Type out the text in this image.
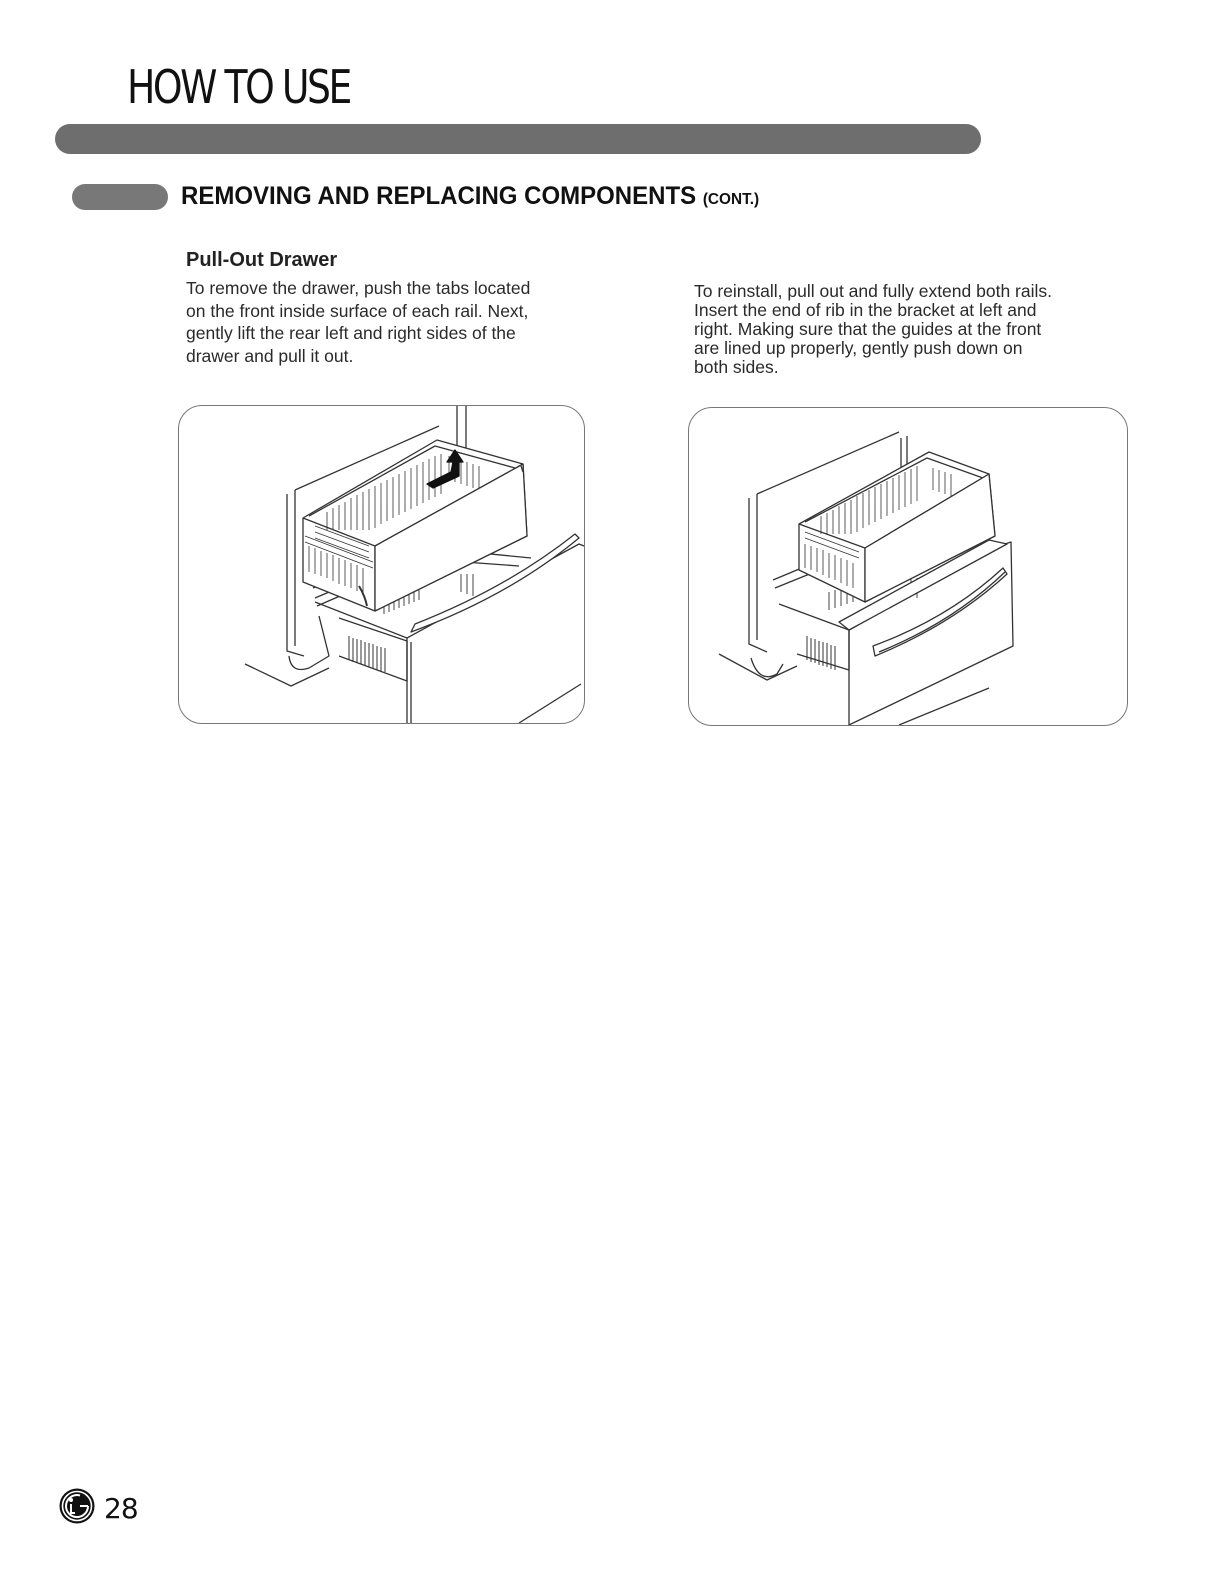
HOW TO USE
REMOVING AND REPLACING COMPONENTS (CONT.)
Pull-Out Drawer
To remove the drawer, push the tabs located
on the front inside surface of each rail. Next,
gently lift the rear left and right sides of the
drawer and pull it out.
To reinstall, pull out and fully extend both rails.
Insert the end of rib in the bracket at left and
right. Making sure that the guides at the front
are lined up properly, gently push down on
both sides.
28
